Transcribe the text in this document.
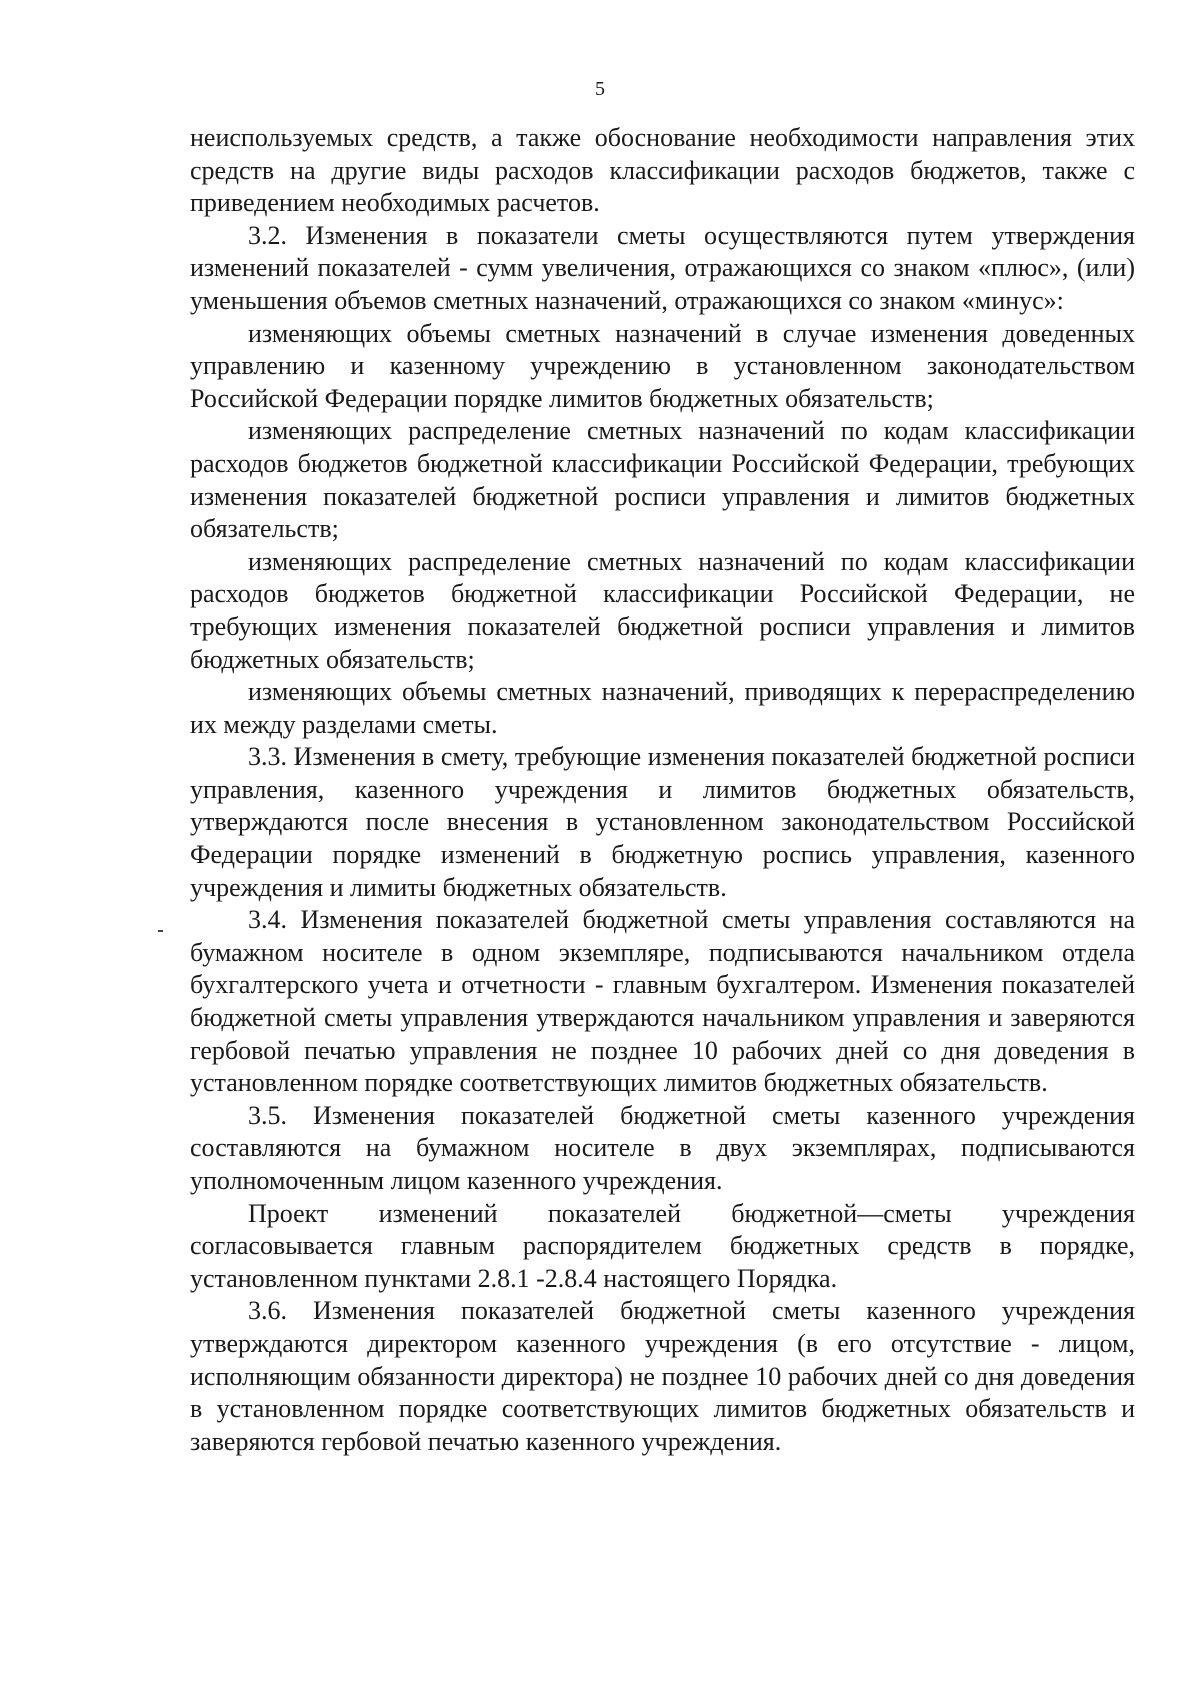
5

неиспользуемых средств, а также обоснование необходимости направления этих средств на другие виды расходов классификации расходов бюджетов, также с приведением необходимых расчетов.

3.2. Изменения в показатели сметы осуществляются путем утверждения изменений показателей - сумм увеличения, отражающихся со знаком «плюс», (или) уменьшения объемов сметных назначений, отражающихся со знаком «минус»:

изменяющих объемы сметных назначений в случае изменения доведенных управлению и казенному учреждению в установленном законодательством Российской Федерации порядке лимитов бюджетных обязательств;

изменяющих распределение сметных назначений по кодам классификации расходов бюджетов бюджетной классификации Российской Федерации, требующих изменения показателей бюджетной росписи управления и лимитов бюджетных обязательств;

изменяющих распределение сметных назначений по кодам классификации расходов бюджетов бюджетной классификации Российской Федерации, не требующих изменения показателей бюджетной росписи управления и лимитов бюджетных обязательств;

изменяющих объемы сметных назначений, приводящих к перераспределению их между разделами сметы.

3.3. Изменения в смету, требующие изменения показателей бюджетной росписи управления, казенного учреждения и лимитов бюджетных обязательств, утверждаются после внесения в установленном законодательством Российской Федерации порядке изменений в бюджетную роспись управления, казенного учреждения и лимиты бюджетных обязательств.

3.4. Изменения показателей бюджетной сметы управления составляются на бумажном носителе в одном экземпляре, подписываются начальником отдела бухгалтерского учета и отчетности - главным бухгалтером. Изменения показателей бюджетной сметы управления утверждаются начальником управления и заверяются гербовой печатью управления не позднее 10 рабочих дней со дня доведения в установленном порядке соответствующих лимитов бюджетных обязательств.

3.5. Изменения показателей бюджетной сметы казенного учреждения составляются на бумажном носителе в двух экземплярах, подписываются уполномоченным лицом казенного учреждения.

Проект изменений показателей бюджетной—сметы учреждения согласовывается главным распорядителем бюджетных средств в порядке, установленном пунктами 2.8.1 -2.8.4 настоящего Порядка.

3.6. Изменения показателей бюджетной сметы казенного учреждения утверждаются директором казенного учреждения (в его отсутствие - лицом, исполняющим обязанности директора) не позднее 10 рабочих дней со дня доведения в установленном порядке соответствующих лимитов бюджетных обязательств и заверяются гербовой печатью казенного учреждения.
